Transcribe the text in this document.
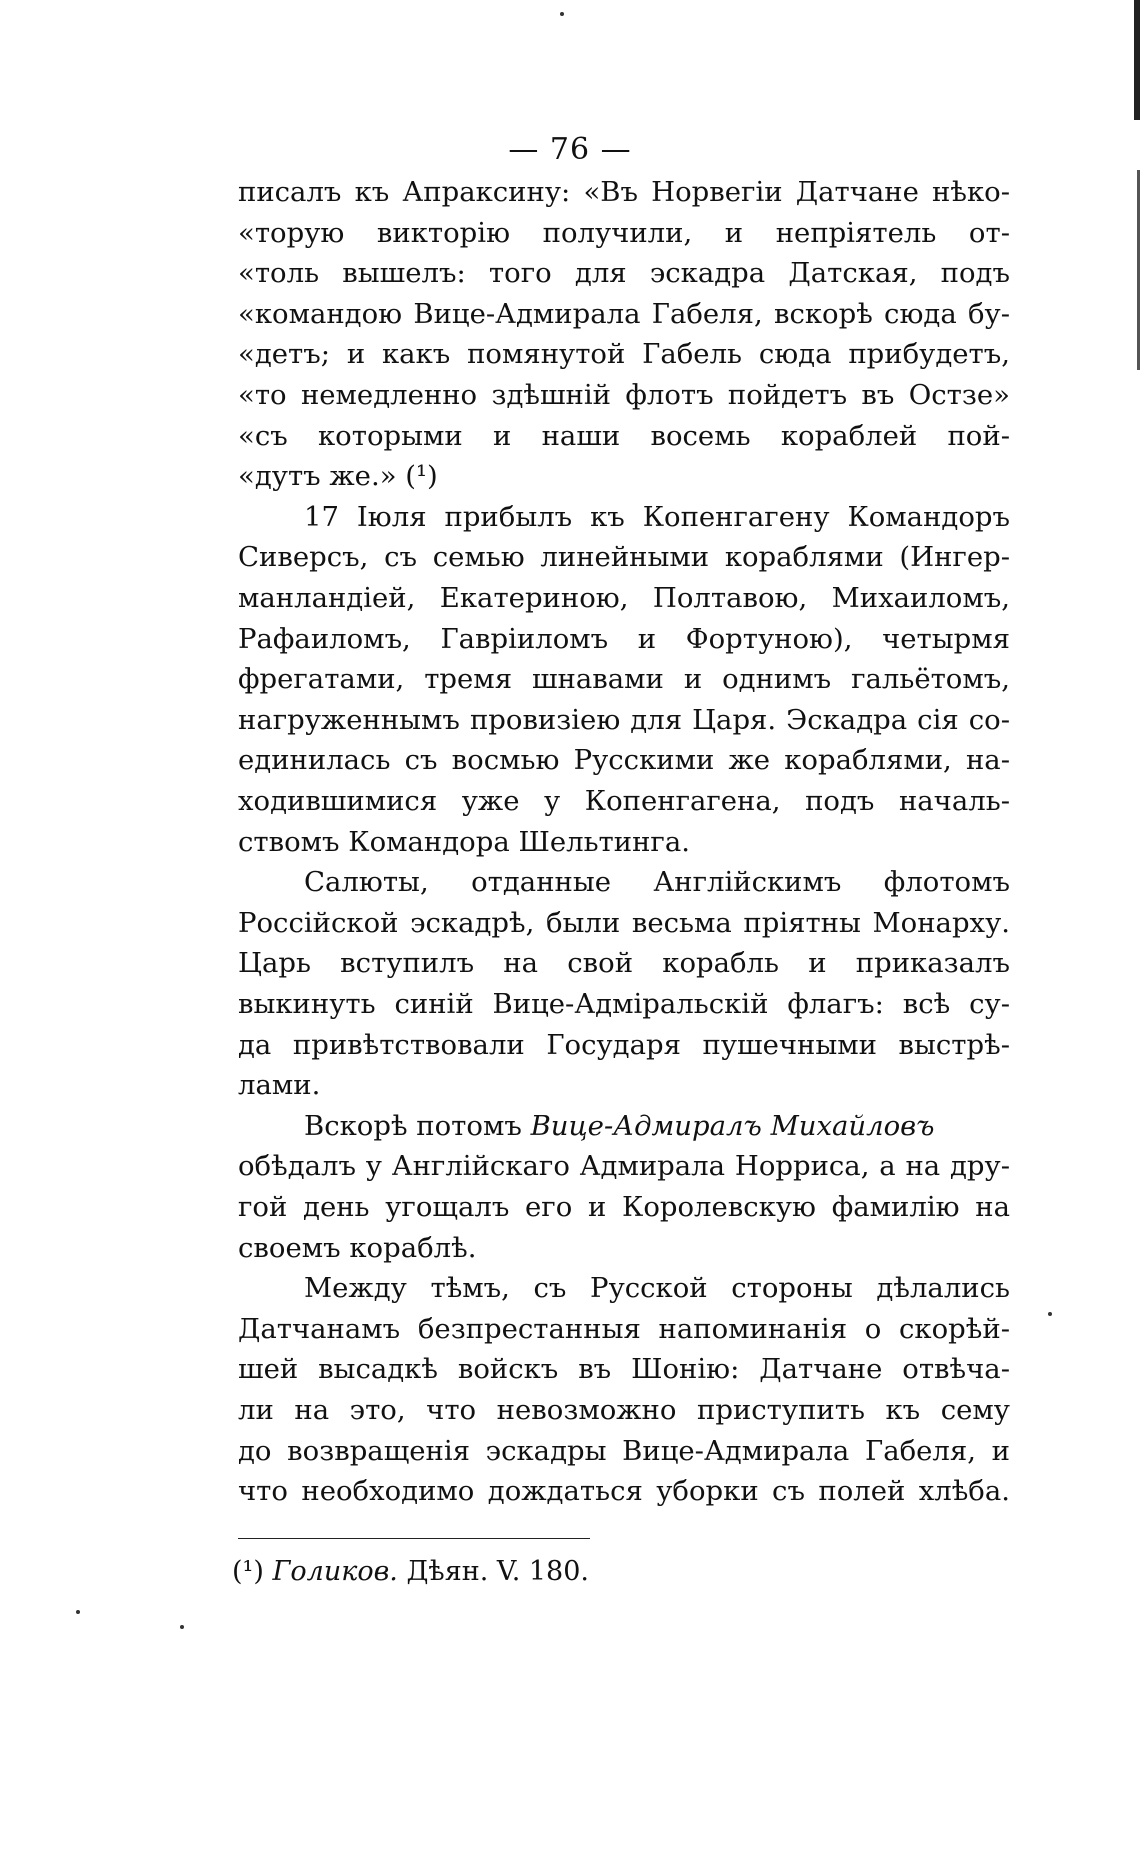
— 76 —
писалъ къ Апраксину: «Въ Норвегіи Датчане нѣко-
«торую викторію получили, и непріятель от-
«толь вышелъ: того для эскадра Датская, подъ
«командою Вице-Адмирала Габеля, вскорѣ сюда бу-
«детъ; и какъ помянутой Габель сюда прибудетъ,
«то немедленно здѣшній флотъ пойдетъ въ Остзе»
«съ которыми и наши восемь кораблей пой-
«дутъ же.» (¹)
17 Іюля прибылъ къ Копенгагену Командоръ
Сиверсъ, съ семью линейными кораблями (Ингер-
манландіей, Екатериною, Полтавою, Михаиломъ,
Рафаиломъ, Гавріиломъ и Фортуною), четырмя
фрегатами, тремя шнавами и однимъ гальётомъ,
нагруженнымъ провизіею для Царя. Эскадра сія со-
единилась съ восмью Русскими же кораблями, на-
ходившимися уже у Копенгагена, подъ началь-
ствомъ Командора Шельтинга.
Салюты, отданные Англійскимъ флотомъ
Россійской эскадрѣ, были весьма пріятны Монарху.
Царь вступилъ на свой корабль и приказалъ
выкинуть синій Вице-Адміральскій флагъ: всѣ су-
да привѣтствовали Государя пушечными выстрѣ-
лами.
Вскорѣ потомъ Вице-Адмиралъ Михайловъ
обѣдалъ у Англійскаго Адмирала Норриса, а на дру-
гой день угощалъ его и Королевскую фамилію на
своемъ кораблѣ.
Между тѣмъ, съ Русской стороны дѣлались
Датчанамъ безпрестанныя напоминанія о скорѣй-
шей высадкѣ войскъ въ Шонію: Датчане отвѣча-
ли на это, что невозможно приступить къ сему
до возвращенія эскадры Вице-Адмирала Габеля, и
что необходимо дождаться уборки съ полей хлѣба.
(¹) Голиков. Дѣян. V. 180.
